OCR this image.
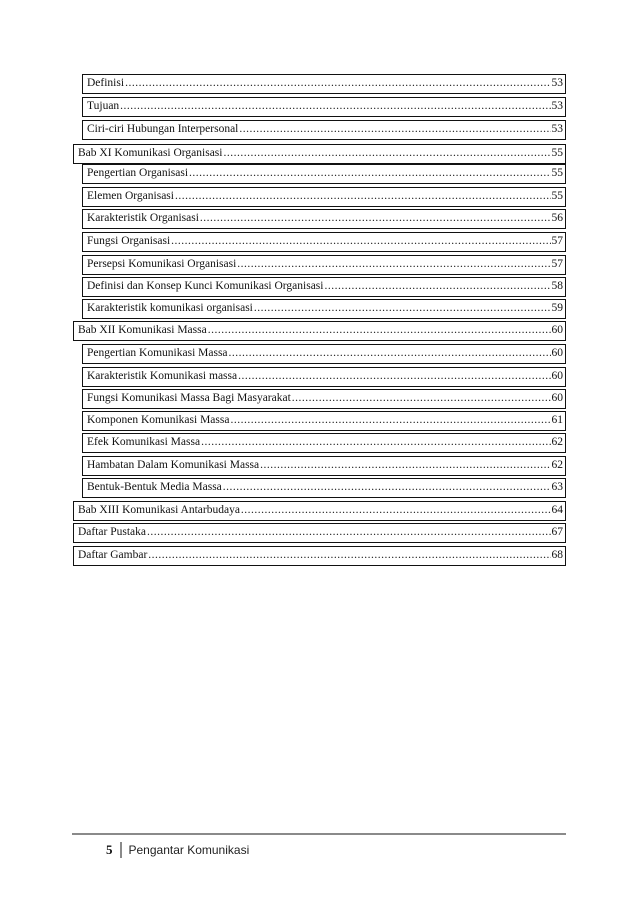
Definisi .....	53
Tujuan .....	53
Ciri-ciri Hubungan Interpersonal .....	53
Bab XI Komunikasi Organisasi .....	55
Pengertian Organisasi .....	55
Elemen Organisasi .....	55
Karakteristik Organisasi .....	56
Fungsi Organisasi .....	57
Persepsi Komunikasi Organisasi .....	57
Definisi dan Konsep Kunci Komunikasi Organisasi .....	58
Karakteristik komunikasi organisasi .....	59
Bab XII Komunikasi Massa .....	60
Pengertian Komunikasi Massa .....	60
Karakteristik Komunikasi massa .....	60
Fungsi Komunikasi Massa Bagi Masyarakat .....	60
Komponen Komunikasi Massa .....	61
Efek Komunikasi Massa .....	62
Hambatan Dalam Komunikasi Massa .....	62
Bentuk-Bentuk Media Massa .....	63
Bab XIII Komunikasi Antarbudaya .....	64
Daftar Pustaka .....	67
Daftar Gambar .....	68
5	Pengantar Komunikasi
